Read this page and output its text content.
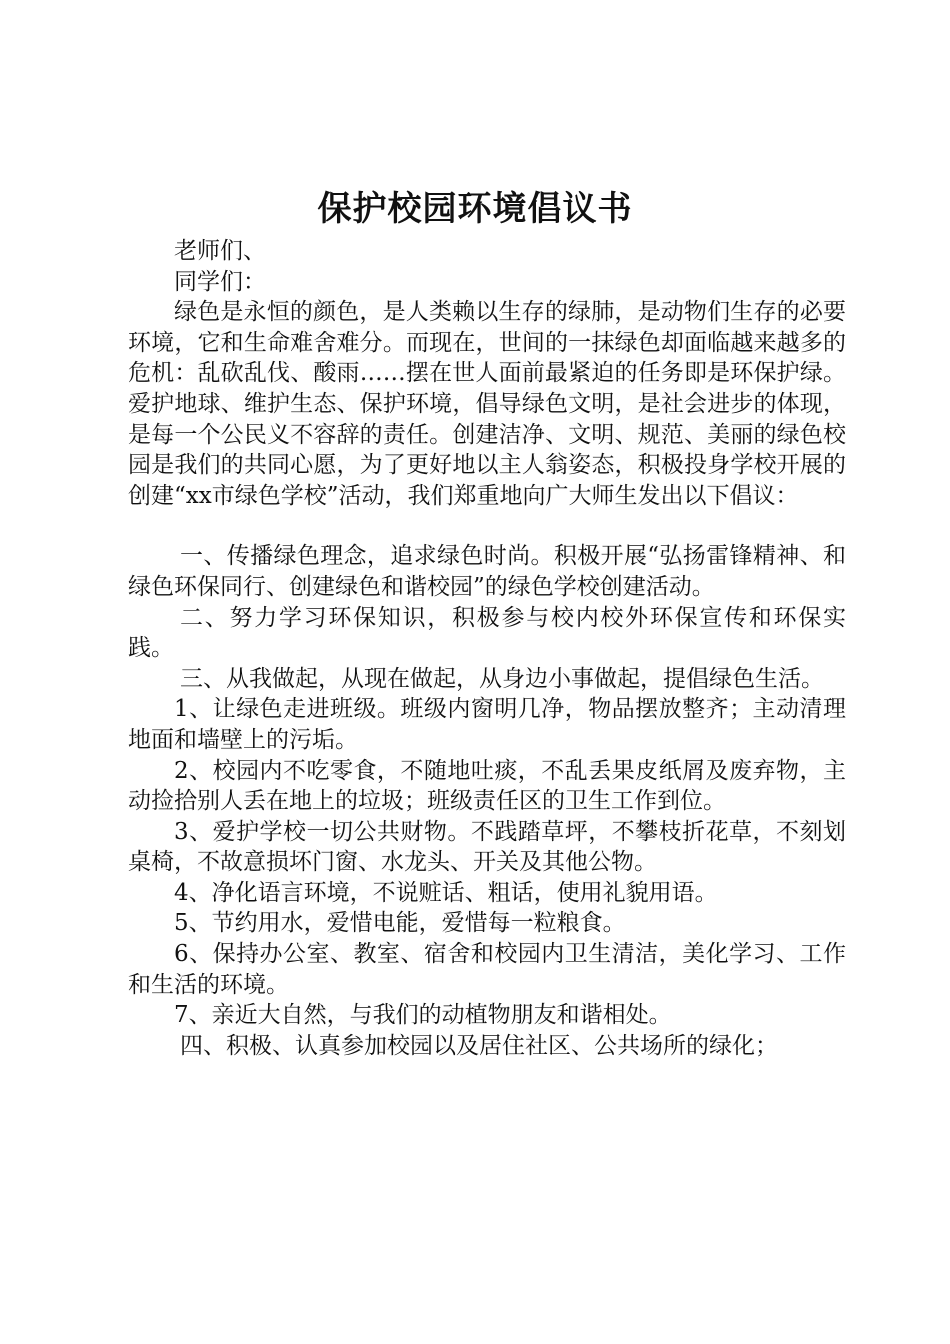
保护校园环境倡议书

老师们、

同学们：

绿色是永恒的颜色，是人类赖以生存的绿肺，是动物们生存的必要环境，它和生命难舍难分。而现在，世间的一抹绿色却面临越来越多的危机：乱砍乱伐、酸雨……摆在世人面前最紧迫的任务即是环保护绿。爱护地球、维护生态、保护环境，倡导绿色文明，是社会进步的体现，是每一个公民义不容辞的责任。创建洁净、文明、规范、美丽的绿色校园是我们的共同心愿，为了更好地以主人翁姿态，积极投身学校开展的创建“xx市绿色学校”活动，我们郑重地向广大师生发出以下倡议：

一、传播绿色理念，追求绿色时尚。积极开展“弘扬雷锋精神、和绿色环保同行、创建绿色和谐校园”的绿色学校创建活动。

二、努力学习环保知识，积极参与校内校外环保宣传和环保实践。

三、从我做起，从现在做起，从身边小事做起，提倡绿色生活。

1、让绿色走进班级。班级内窗明几净，物品摆放整齐；主动清理地面和墙壁上的污垢。

2、校园内不吃零食，不随地吐痰，不乱丢果皮纸屑及废弃物，主动捡拾别人丢在地上的垃圾；班级责任区的卫生工作到位。

3、爱护学校一切公共财物。不践踏草坪，不攀枝折花草，不刻划桌椅，不故意损坏门窗、水龙头、开关及其他公物。

4、净化语言环境，不说赃话、粗话，使用礼貌用语。

5、节约用水，爱惜电能，爱惜每一粒粮食。

6、保持办公室、教室、宿舍和校园内卫生清洁，美化学习、工作和生活的环境。

7、亲近大自然，与我们的动植物朋友和谐相处。

四、积极、认真参加校园以及居住社区、公共场所的绿化；
